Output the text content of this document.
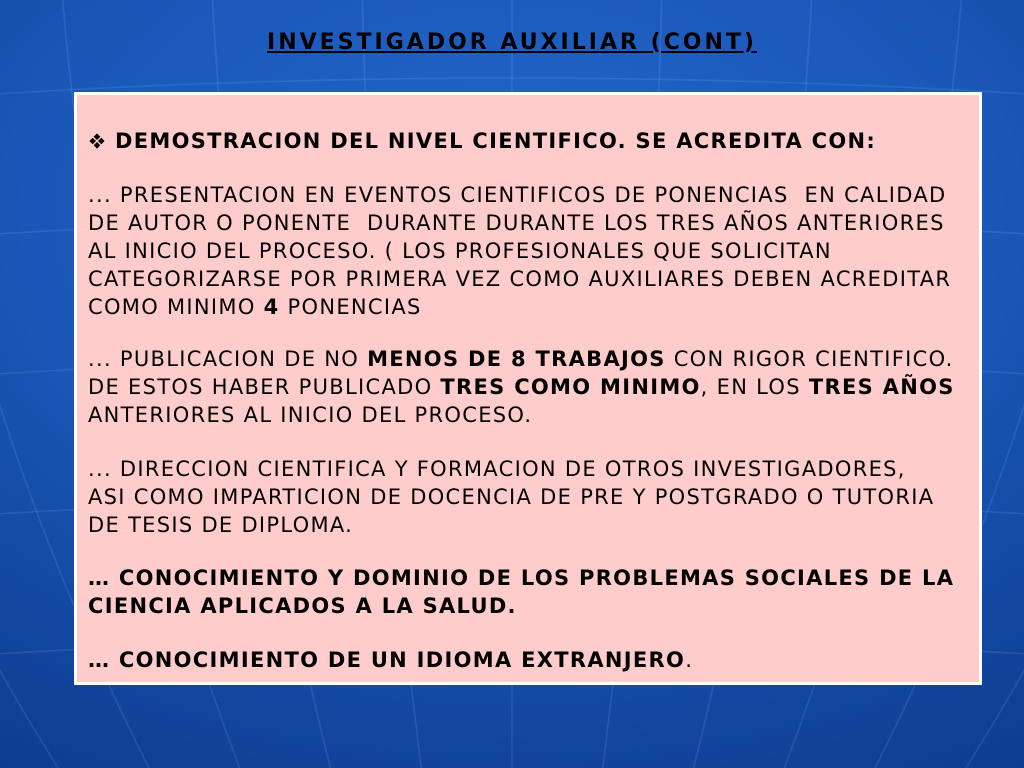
INVESTIGADOR AUXILIAR (CONT)
DEMOSTRACION DEL NIVEL CIENTIFICO. SE ACREDITA CON:
... PRESENTACION EN EVENTOS CIENTIFICOS DE PONENCIAS  EN CALIDAD
DE AUTOR O PONENTE  DURANTE DURANTE LOS TRES AÑOS ANTERIORES
AL INICIO DEL PROCESO. ( LOS PROFESIONALES QUE SOLICITAN
CATEGORIZARSE POR PRIMERA VEZ COMO AUXILIARES DEBEN ACREDITAR
COMO MINIMO 4 PONENCIAS
... PUBLICACION DE NO MENOS DE 8 TRABAJOS CON RIGOR CIENTIFICO.
DE ESTOS HABER PUBLICADO TRES COMO MINIMO, EN LOS TRES AÑOS
ANTERIORES AL INICIO DEL PROCESO.
... DIRECCION CIENTIFICA Y FORMACION DE OTROS INVESTIGADORES,
ASI COMO IMPARTICION DE DOCENCIA DE PRE Y POSTGRADO O TUTORIA
DE TESIS DE DIPLOMA.
… CONOCIMIENTO Y DOMINIO DE LOS PROBLEMAS SOCIALES DE LA
CIENCIA APLICADOS A LA SALUD.
… CONOCIMIENTO DE UN IDIOMA EXTRANJERO.
